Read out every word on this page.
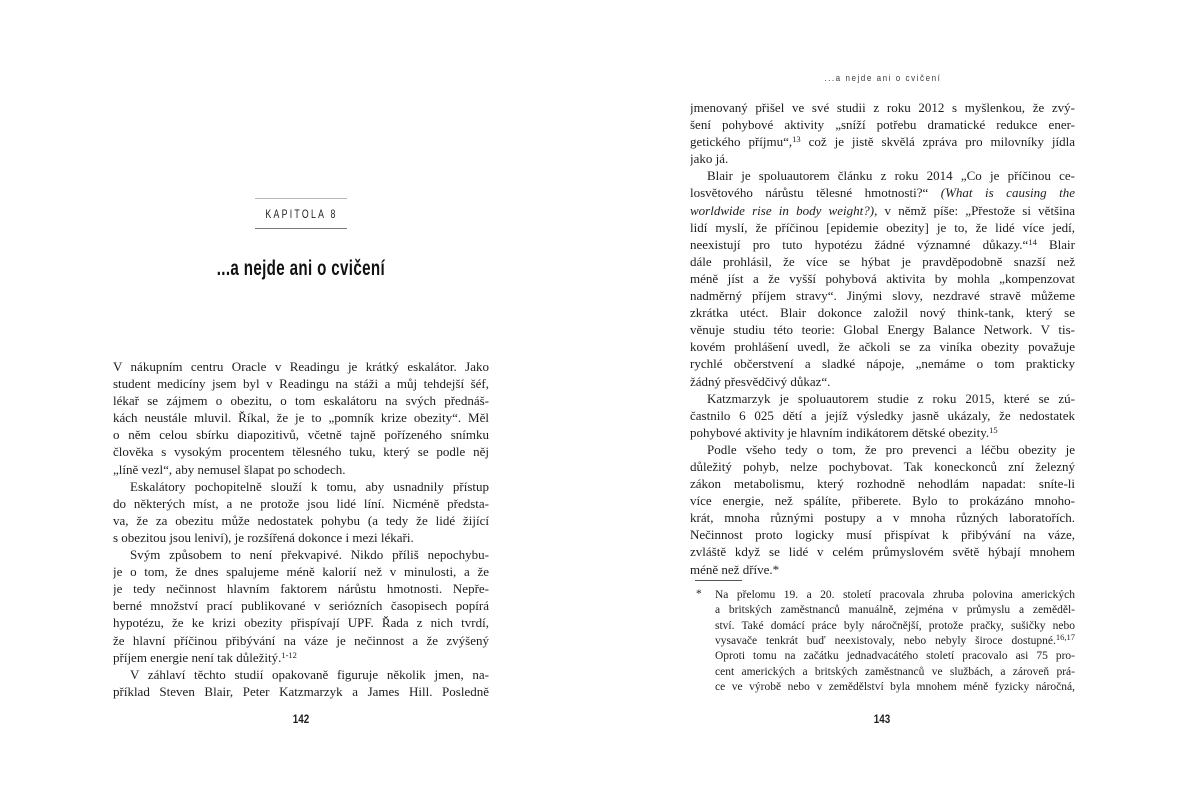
KAPITOLA 8
...a nejde ani o cvičení
V nákupním centru Oracle v Readingu je krátký eskalátor. Jako
student medicíny jsem byl v Readingu na stáži a můj tehdejší šéf,
lékař se zájmem o obezitu, o tom eskalátoru na svých přednáš-
kách neustále mluvil. Říkal, že je to „pomník krize obezity“. Měl
o něm celou sbírku diapozitivů, včetně tajně pořízeného snímku
člověka s vysokým procentem tělesného tuku, který se podle něj
„líně vezl“, aby nemusel šlapat po schodech.
Eskalátory pochopitelně slouží k tomu, aby usnadnily přístup
do některých míst, a ne protože jsou lidé líní. Nicméně předsta-
va, že za obezitu může nedostatek pohybu (a tedy že lidé žijící
s obezitou jsou leniví), je rozšířená dokonce i mezi lékaři.
Svým způsobem to není překvapivé. Nikdo příliš nepochybu-
je o tom, že dnes spalujeme méně kalorií než v minulosti, a že
je tedy nečinnost hlavním faktorem nárůstu hmotnosti. Nepře-
berné množství prací publikované v seriózních časopisech popírá
hypotézu, že ke krizi obezity přispívají UPF. Řada z nich tvrdí,
že hlavní příčinou přibývání na váze je nečinnost a že zvýšený
příjem energie není tak důležitý.$^{1-12}$
V záhlaví těchto studií opakovaně figuruje několik jmen, na-
příklad Steven Blair, Peter Katzmarzyk a James Hill. Posledně
142
...a nejde ani o cvičení
jmenovaný přišel ve své studii z roku 2012 s myšlenkou, že zvý-
šení pohybové aktivity „sníží potřebu dramatické redukce ener-
getického příjmu“,$^{13}$ což je jistě skvělá zpráva pro milovníky jídla
jako já.
Blair je spoluautorem článku z roku 2014 „Co je příčinou ce-
losvětového nárůstu tělesné hmotnosti?“ (What is causing the
worldwide rise in body weight?), v němž píše: „Přestože si většina
lidí myslí, že příčinou [epidemie obezity] je to, že lidé více jedí,
neexistují pro tuto hypotézu žádné významné důkazy.“$^{14}$ Blair
dále prohlásil, že více se hýbat je pravděpodobně snazší než
méně jíst a že vyšší pohybová aktivita by mohla „kompenzovat
nadměrný příjem stravy“. Jinými slovy, nezdravé stravě můžeme
zkrátka utéct. Blair dokonce založil nový think-tank, který se
věnuje studiu této teorie: Global Energy Balance Network. V tis-
kovém prohlášení uvedl, že ačkoli se za viníka obezity považuje
rychlé občerstvení a sladké nápoje, „nemáme o tom prakticky
žádný přesvědčivý důkaz“.
Katzmarzyk je spoluautorem studie z roku 2015, které se zú-
častnilo 6 025 dětí a jejíž výsledky jasně ukázaly, že nedostatek
pohybové aktivity je hlavním indikátorem dětské obezity.$^{15}$
Podle všeho tedy o tom, že pro prevenci a léčbu obezity je
důležitý pohyb, nelze pochybovat. Tak koneckonců zní železný
zákon metabolismu, který rozhodně nehodlám napadat: sníte-li
více energie, než spálíte, přiberete. Bylo to prokázáno mnoho-
krát, mnoha různými postupy a v mnoha různých laboratořích.
Nečinnost proto logicky musí přispívat k přibývání na váze,
zvláště když se lidé v celém průmyslovém světě hýbají mnohem
méně než dříve.*
* Na přelomu 19. a 20. století pracovala zhruba polovina amerických
a britských zaměstnanců manuálně, zejména v průmyslu a zeměděl-
ství. Také domácí práce byly náročnější, protože pračky, sušičky nebo
vysavače tenkrát buď neexistovaly, nebo nebyly široce dostupné.$^{16,17}$
Oproti tomu na začátku jednadvacátého století pracovalo asi 75 pro-
cent amerických a britských zaměstnanců ve službách, a zároveň prá-
ce ve výrobě nebo v zemědělství byla mnohem méně fyzicky náročná,
143
